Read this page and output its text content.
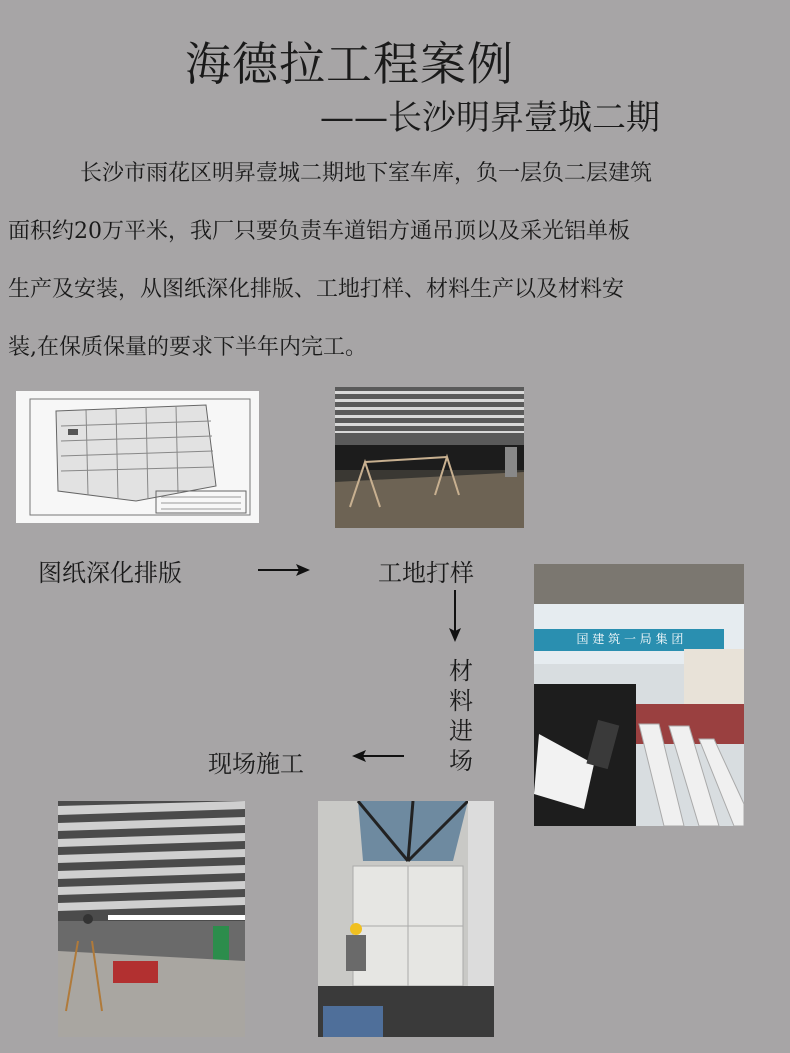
海德拉工程案例
——长沙明昇壹城二期
长沙市雨花区明昇壹城二期地下室车库，负一层负二层建筑
面积约20万平米，我厂只要负责车道铝方通吊顶以及采光铝单板
生产及安装，从图纸深化排版、工地打样、材料生产以及材料安
装,在保质保量的要求下半年内完工。
国 建 筑 一 局 集 团
图纸深化排版	工地打样
现场施工
材
料
进
场
